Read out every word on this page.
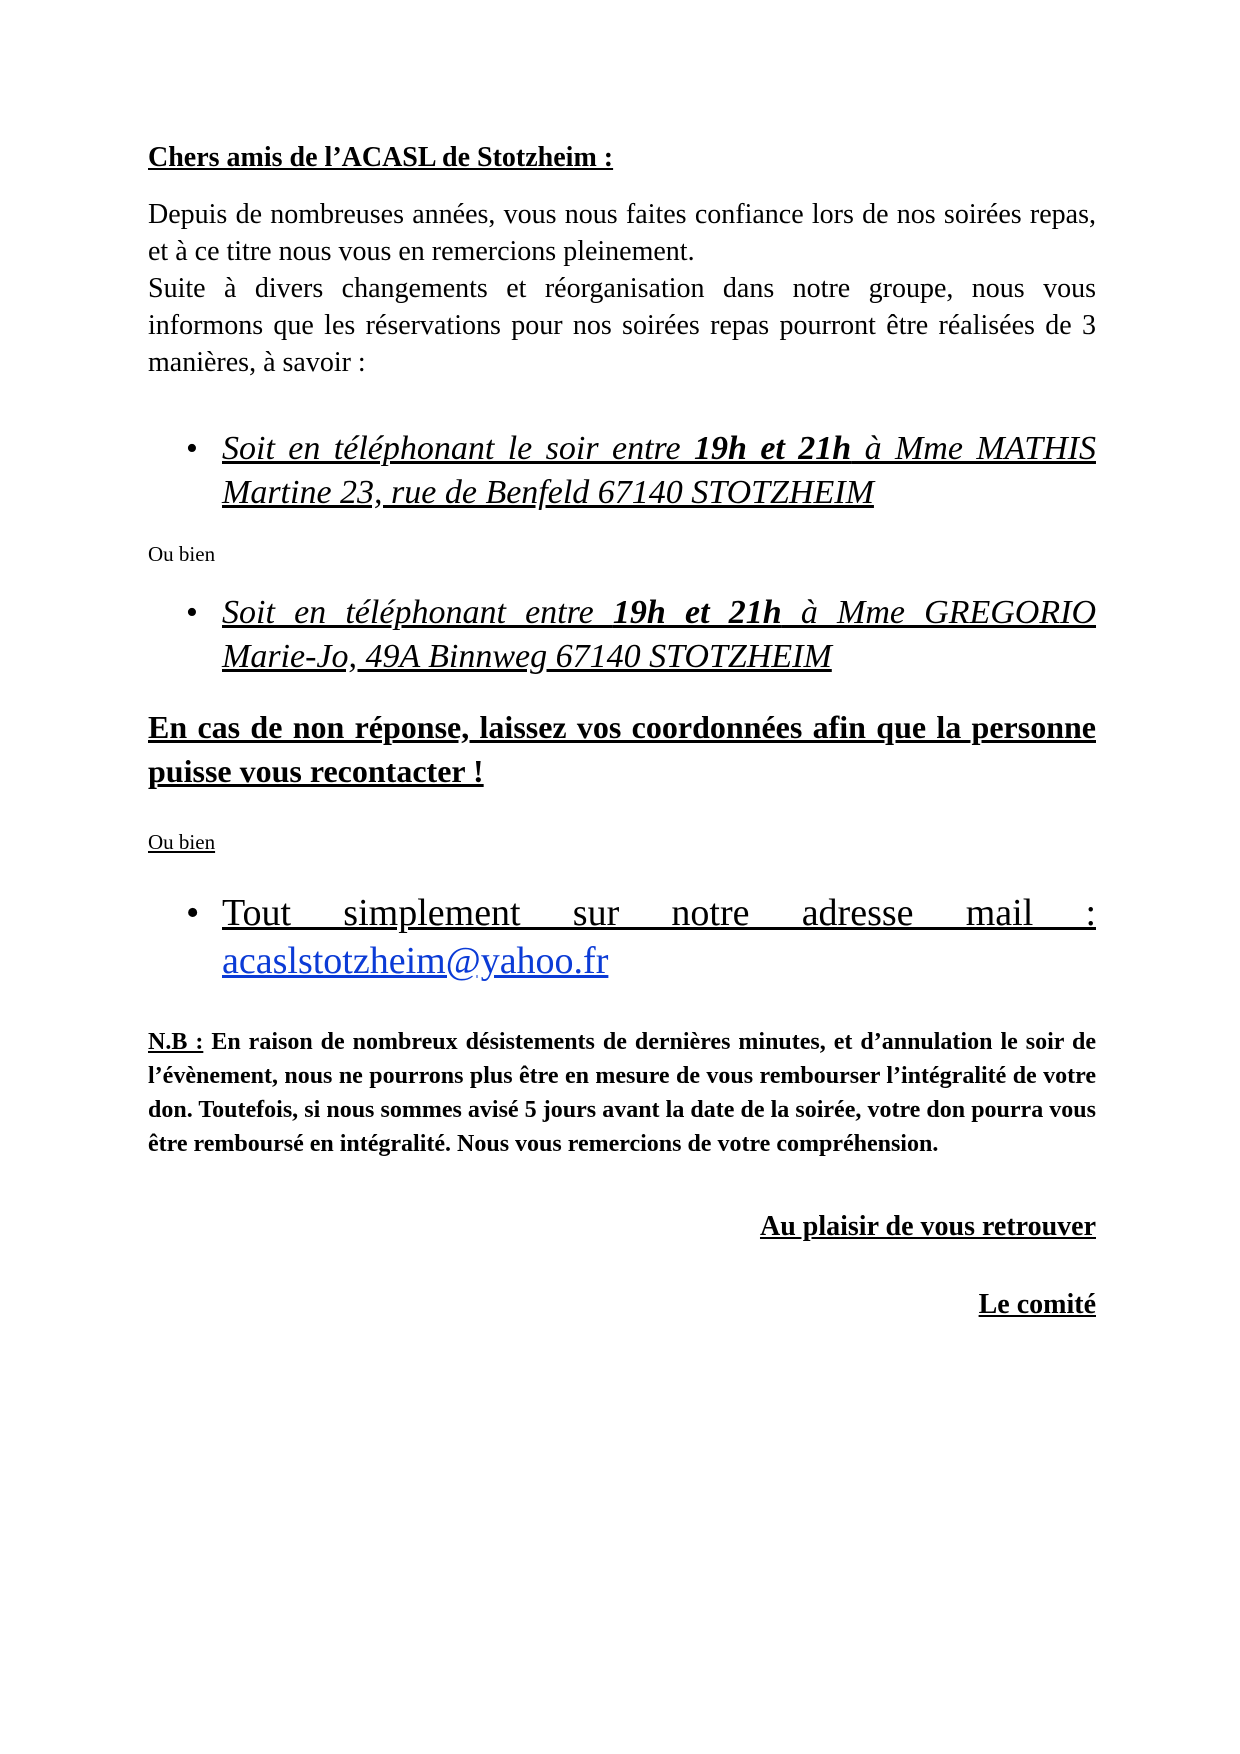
Chers amis de l’ACASL de Stotzheim :

Depuis de nombreuses années, vous nous faites confiance lors de nos soirées repas, et à ce titre nous vous en remercions pleinement.
Suite à divers changements et réorganisation dans notre groupe, nous vous informons que les réservations pour nos soirées repas pourront être réalisées de 3 manières, à savoir :

• Soit en téléphonant le soir entre 19h et 21h à Mme MATHIS Martine 23, rue de Benfeld 67140 STOTZHEIM

Ou bien

• Soit en téléphonant entre 19h et 21h à Mme GREGORIO Marie-Jo, 49A Binnweg 67140 STOTZHEIM

En cas de non réponse, laissez vos coordonnées afin que la personne puisse vous recontacter !

Ou bien

• Tout simplement sur notre adresse mail :
acaslstotzheim@yahoo.fr

N.B : En raison de nombreux désistements de dernières minutes, et d’annulation le soir de l’évènement, nous ne pourrons plus être en mesure de vous rembourser l’intégralité de votre don. Toutefois, si nous sommes avisé 5 jours avant la date de la soirée, votre don pourra vous être remboursé en intégralité. Nous vous remercions de votre compréhension.

Au plaisir de vous retrouver

Le comité
